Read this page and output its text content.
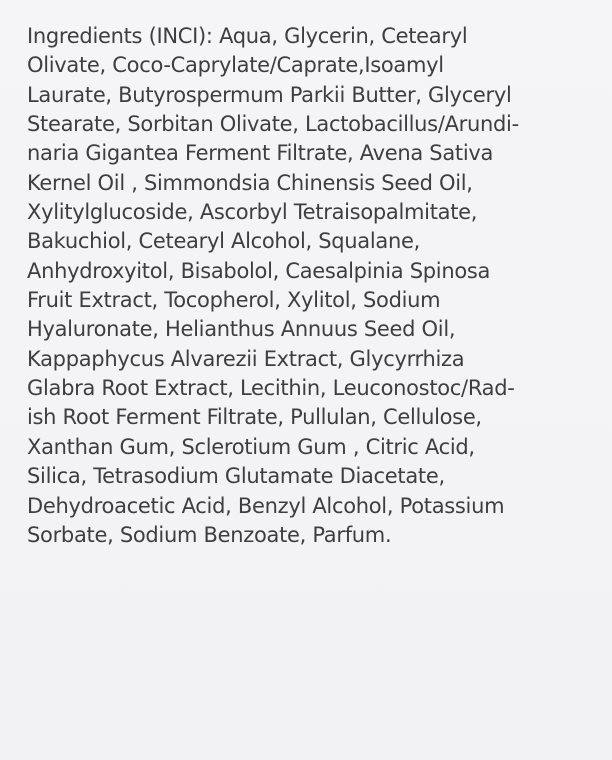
Ingredients (INCI): Aqua, Glycerin, Cetearyl
Olivate, Coco-Caprylate/Caprate,Isoamyl
Laurate, Butyrospermum Parkii Butter, Glyceryl
Stearate, Sorbitan Olivate, Lactobacillus/Arundi-
naria Gigantea Ferment Filtrate, Avena Sativa
Kernel Oil , Simmondsia Chinensis Seed Oil,
Xylitylglucoside, Ascorbyl Tetraisopalmitate,
Bakuchiol, Cetearyl Alcohol, Squalane,
Anhydroxyitol, Bisabolol, Caesalpinia Spinosa
Fruit Extract, Tocopherol, Xylitol, Sodium
Hyaluronate, Helianthus Annuus Seed Oil,
Kappaphycus Alvarezii Extract, Glycyrrhiza
Glabra Root Extract, Lecithin, Leuconostoc/Rad-
ish Root Ferment Filtrate, Pullulan, Cellulose,
Xanthan Gum, Sclerotium Gum , Citric Acid,
Silica, Tetrasodium Glutamate Diacetate,
Dehydroacetic Acid, Benzyl Alcohol, Potassium
Sorbate, Sodium Benzoate, Parfum.
